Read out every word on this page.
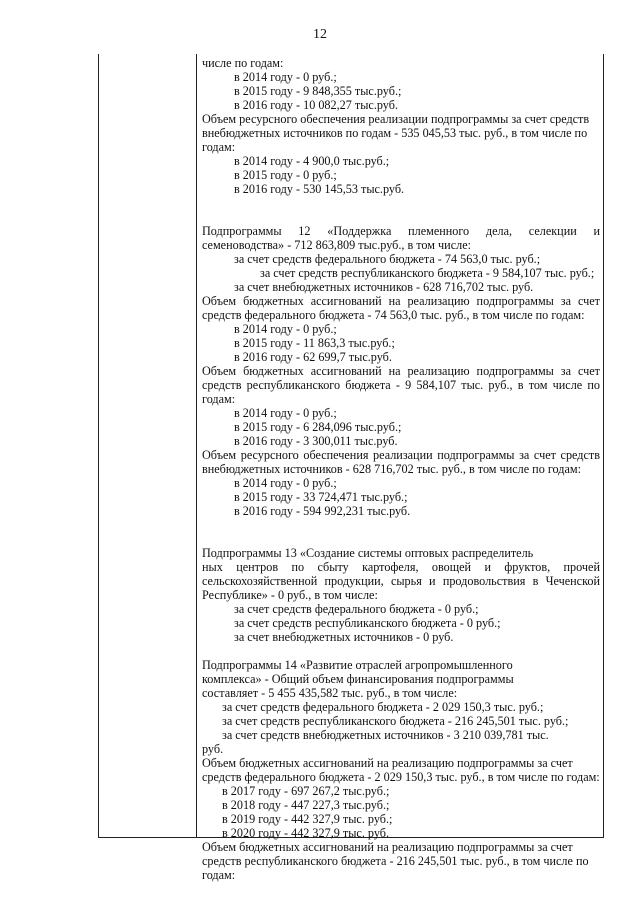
12

числе по годам:

в 2014 году - 0 руб.;

в 2015 году - 9 848,355 тыс.руб.;

в 2016 году - 10 082,27 тыс.руб.

Объем ресурсного обеспечения реализации подпрограммы за счет средств внебюджетных источников по годам - 535 045,53 тыс. руб., в том числе по годам:

в 2014 году - 4 900,0 тыс.руб.;

в 2015 году - 0 руб.;

в 2016 году - 530 145,53 тыс.руб.

Подпрограммы 12 «Поддержка племенного дела, селекции и семеноводства» - 712 863,809 тыс.руб., в том числе:

за счет средств федерального бюджета - 74 563,0 тыс. руб.;

за счет средств республиканского бюджета - 9 584,107 тыс. руб.;

за счет внебюджетных источников - 628 716,702 тыс. руб.

Объем бюджетных ассигнований на реализацию подпрограммы за счет средств федерального бюджета - 74 563,0 тыс. руб., в том числе по годам:

в 2014 году - 0 руб.;

в 2015 году - 11 863,3 тыс.руб.;

в 2016 году - 62 699,7 тыс.руб.

Объем бюджетных ассигнований на реализацию подпрограммы за счет средств республиканского бюджета - 9 584,107 тыс. руб., в том числе по годам:

в 2014 году - 0 руб.;

в 2015 году - 6 284,096 тыс.руб.;

в 2016 году - 3 300,011 тыс.руб.

Объем ресурсного обеспечения реализации подпрограммы за счет средств внебюджетных источников - 628 716,702 тыс. руб., в том числе по годам:

в 2014 году - 0 руб.;

в 2015 году - 33 724,471 тыс.руб.;

в 2016 году - 594 992,231 тыс.руб.

Подпрограммы 13 «Создание системы оптовых распределитель

ных центров по сбыту картофеля, овощей и фруктов, прочей сельскохозяйственной продукции, сырья и продовольствия в Чеченской Республике» - 0 руб., в том числе:

за счет средств федерального бюджета - 0 руб.;

за счет средств республиканского бюджета - 0 руб.;

за счет внебюджетных источников - 0 руб.

Подпрограммы 14 «Развитие отраслей агропромышленного комплекса» - Общий объем финансирования подпрограммы составляет - 5 455 435,582 тыс. руб., в том числе:

за счет средств федерального бюджета - 2 029 150,3 тыс. руб.;

за счет средств республиканского бюджета - 216 245,501 тыс. руб.;

за счет средств внебюджетных источников - 3 210 039,781 тыс.

руб.

Объем бюджетных ассигнований на реализацию подпрограммы за счет средств федерального бюджета - 2 029 150,3 тыс. руб., в том числе по годам:

в 2017 году - 697 267,2 тыс.руб.;

в 2018 году - 447 227,3 тыс.руб.;

в 2019 году - 442 327,9 тыс. руб.;

в 2020 году - 442 327,9 тыс. руб.

Объем бюджетных ассигнований на реализацию подпрограммы за счет средств республиканского бюджета - 216 245,501 тыс. руб., в том числе по годам:
